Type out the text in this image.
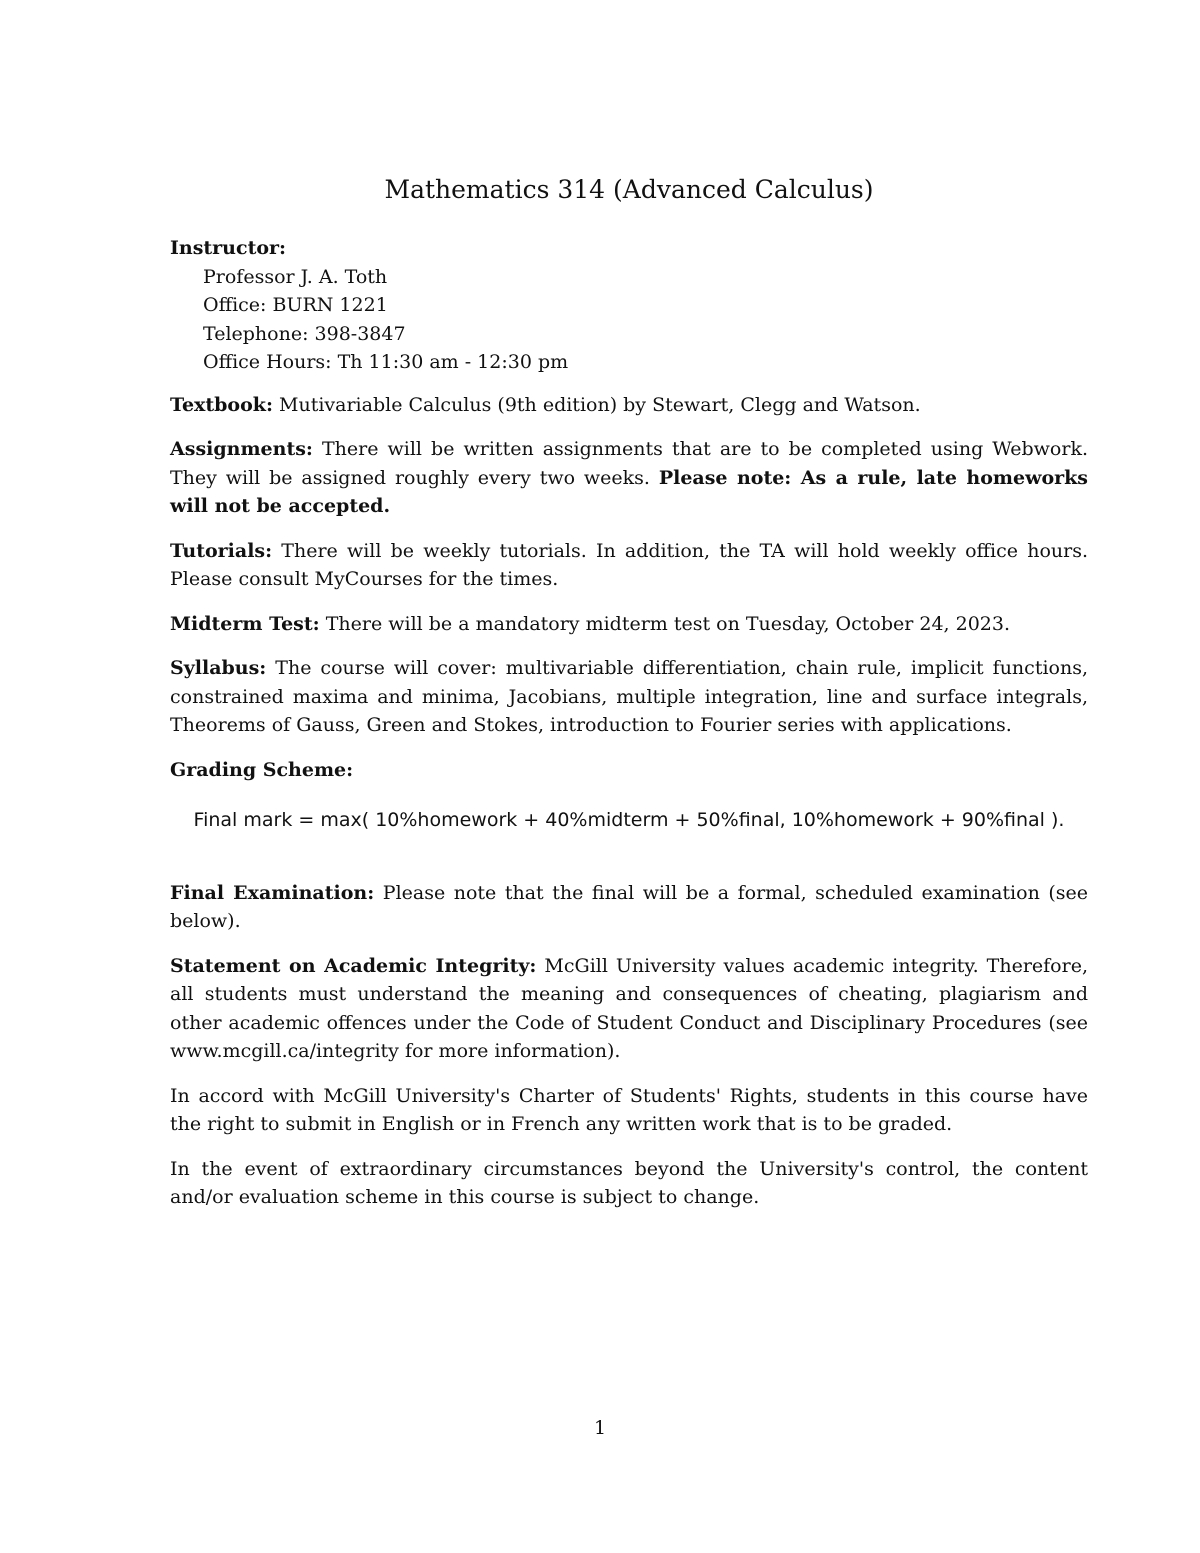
Mathematics 314 (Advanced Calculus)
Instructor:
Professor J. A. Toth
Office: BURN 1221
Telephone: 398-3847
Office Hours: Th 11:30 am - 12:30 pm

Textbook: Mutivariable Calculus (9th edition) by Stewart, Clegg and Watson.

Assignments: There will be written assignments that are to be completed using Webwork. They will be assigned roughly every two weeks. Please note: As a rule, late homeworks will not be accepted.

Tutorials: There will be weekly tutorials. In addition, the TA will hold weekly office hours. Please consult MyCourses for the times.

Midterm Test: There will be a mandatory midterm test on Tuesday, October 24, 2023.

Syllabus: The course will cover: multivariable differentiation, chain rule, implicit functions, constrained maxima and minima, Jacobians, multiple integration, line and surface integrals, Theorems of Gauss, Green and Stokes, introduction to Fourier series with applications.

Grading Scheme:
Final mark = max( 10%homework + 40%midterm + 50%final, 10%homework + 90%final ).

Final Examination: Please note that the final will be a formal, scheduled examination (see below).

Statement on Academic Integrity: McGill University values academic integrity. Therefore, all students must understand the meaning and consequences of cheating, plagiarism and other academic offences under the Code of Student Conduct and Disciplinary Procedures (see www.mcgill.ca/integrity for more information).

In accord with McGill University's Charter of Students' Rights, students in this course have the right to submit in English or in French any written work that is to be graded.

In the event of extraordinary circumstances beyond the University's control, the content and/or evaluation scheme in this course is subject to change.

1
